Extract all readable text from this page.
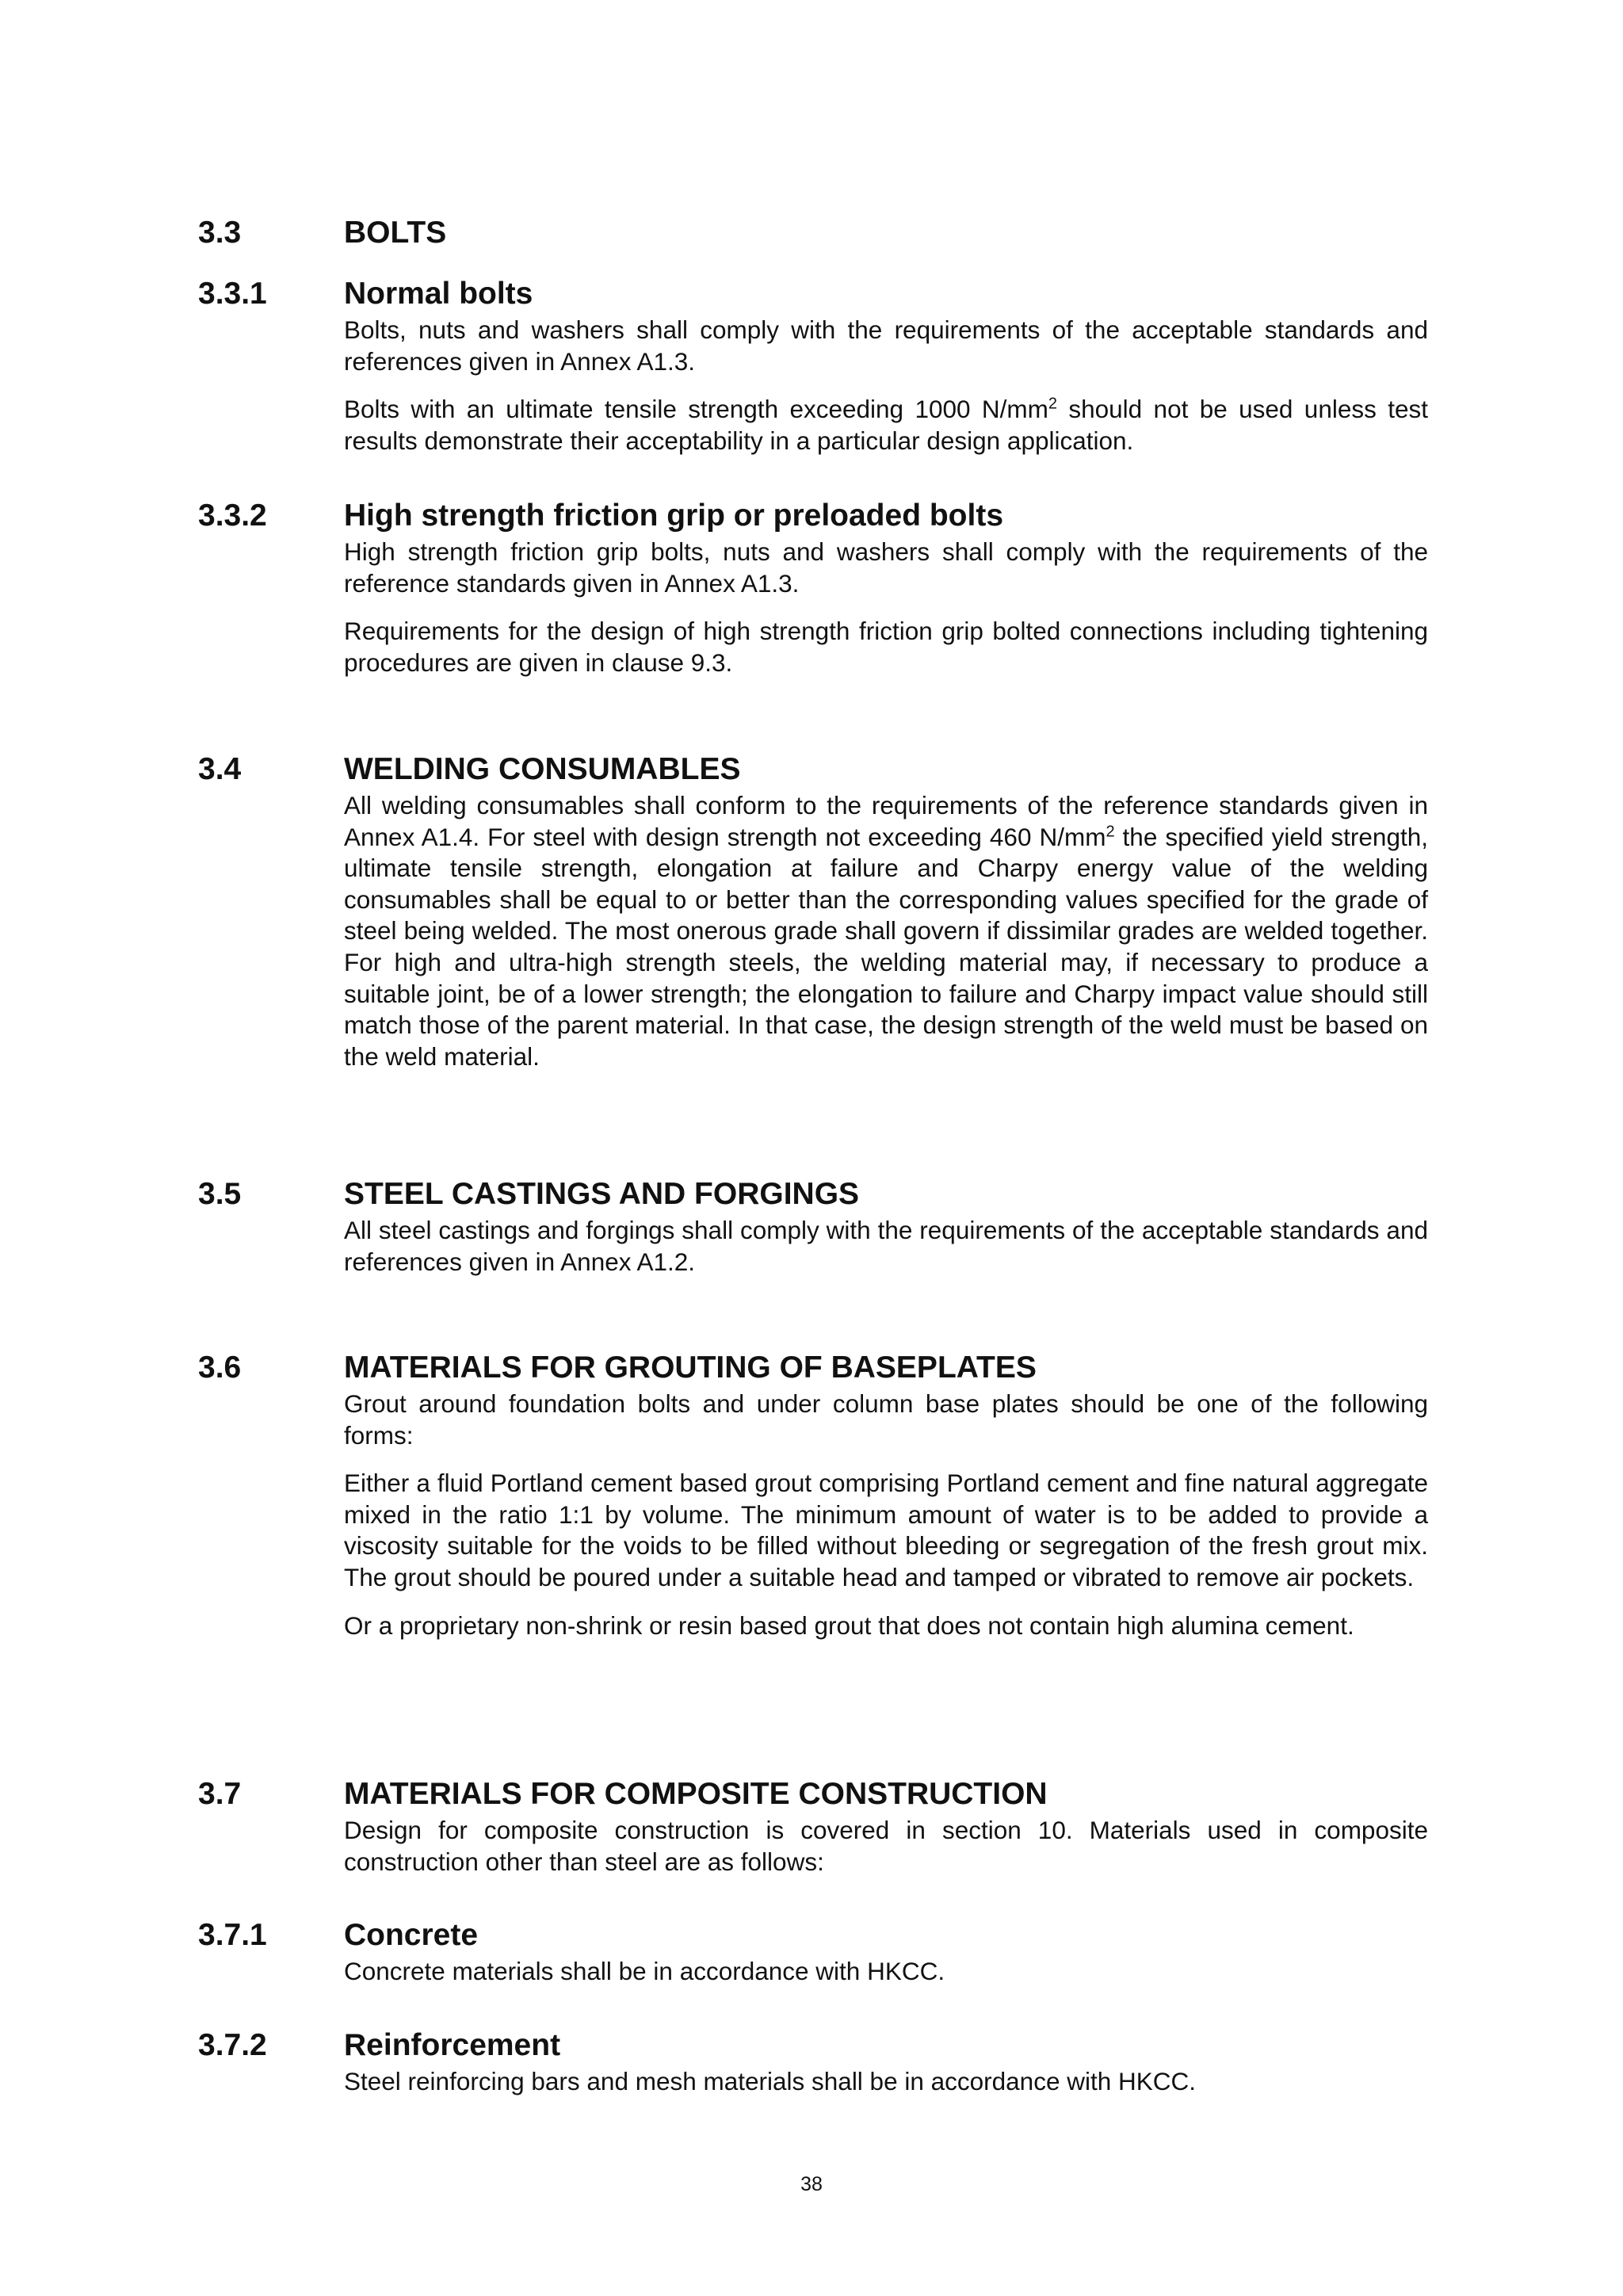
3.3	BOLTS
3.3.1 Normal bolts

Bolts, nuts and washers shall comply with the requirements of the acceptable standards and references given in Annex A1.3.

Bolts with an ultimate tensile strength exceeding 1000 $N/mm^2$ should not be used unless test results demonstrate their acceptability in a particular design application.

3.3.2 High strength friction grip or preloaded bolts

High strength friction grip bolts, nuts and washers shall comply with the requirements of the reference standards given in Annex A1.3.

Requirements for the design of high strength friction grip bolted connections including tightening procedures are given in clause 9.3.

3.4	WELDING CONSUMABLES

All welding consumables shall conform to the requirements of the reference standards given in Annex A1.4. For steel with design strength not exceeding 460 $N/mm^2$ the specified yield strength, ultimate tensile strength, elongation at failure and Charpy energy value of the welding consumables shall be equal to or better than the corresponding values specified for the grade of steel being welded. The most onerous grade shall govern if dissimilar grades are welded together. For high and ultra-high strength steels, the welding material may, if necessary to produce a suitable joint, be of a lower strength; the elongation to failure and Charpy impact value should still match those of the parent material. In that case, the design strength of the weld must be based on the weld material.

3.5	STEEL CASTINGS AND FORGINGS

All steel castings and forgings shall comply with the requirements of the acceptable standards and references given in Annex A1.2.

3.6	MATERIALS FOR GROUTING OF BASEPLATES

Grout around foundation bolts and under column base plates should be one of the following forms:

Either a fluid Portland cement based grout comprising Portland cement and fine natural aggregate mixed in the ratio 1:1 by volume. The minimum amount of water is to be added to provide a viscosity suitable for the voids to be filled without bleeding or segregation of the fresh grout mix. The grout should be poured under a suitable head and tamped or vibrated to remove air pockets.

Or a proprietary non-shrink or resin based grout that does not contain high alumina cement.

3.7	MATERIALS FOR COMPOSITE CONSTRUCTION

Design for composite construction is covered in section 10. Materials used in composite construction other than steel are as follows:

3.7.1 Concrete

Concrete materials shall be in accordance with HKCC.

3.7.2 Reinforcement

Steel reinforcing bars and mesh materials shall be in accordance with HKCC.

38
